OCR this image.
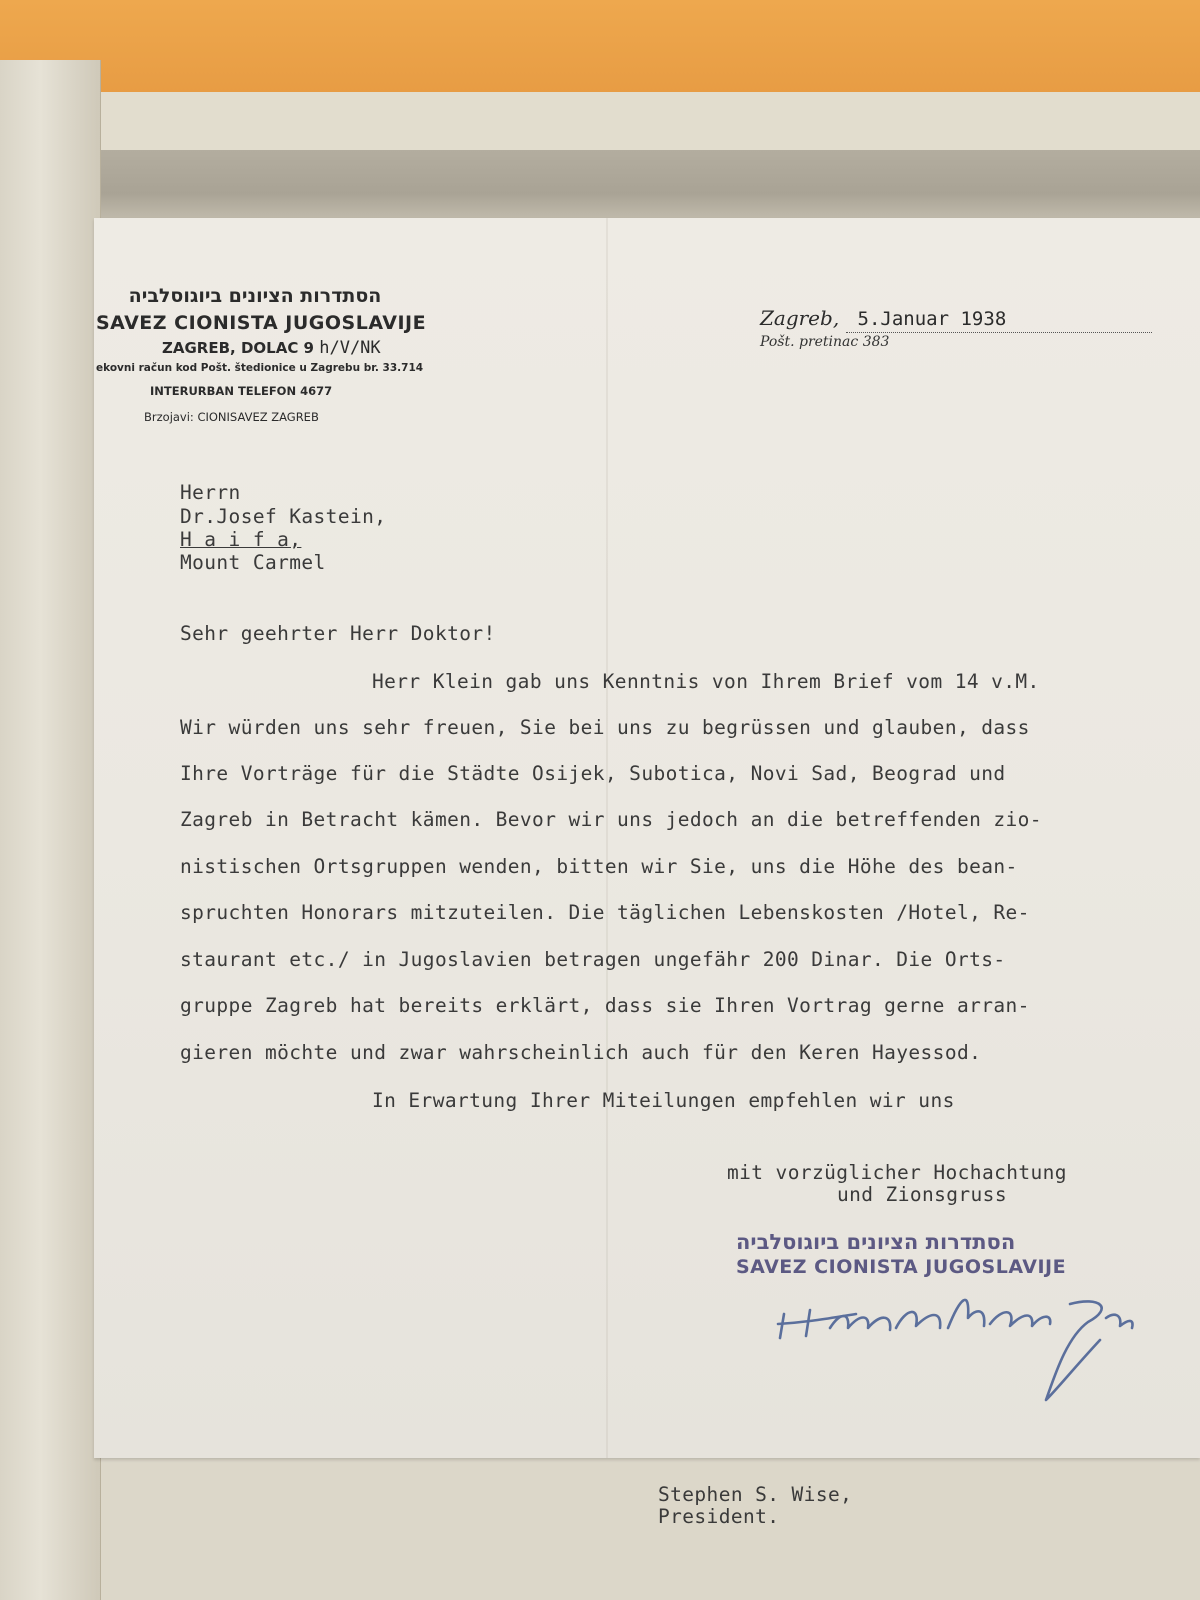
הסתדרות הציונים ביוגוסלביה
SAVEZ CIONISTA JUGOSLAVIJE
ZAGREB, DOLAC 9 h/V/NK
ekovni račun kod Pošt. štedionice u Zagrebu br. 33.714
INTERURBAN TELEFON 4677
Brzojavi: CIONISAVEZ ZAGREB
Zagreb, 5.Januar 1938
Pošt. pretinac 383
Herrn
Dr.Josef Kastein,
H a i f a,
Mount Carmel
Sehr geehrter Herr Doktor!
Herr Klein gab uns Kenntnis von Ihrem Brief vom 14 v.M.
Wir würden uns sehr freuen, Sie bei uns zu begrüssen und glauben, dass
Ihre Vorträge für die Städte Osijek, Subotica, Novi Sad, Beograd und
Zagreb in Betracht kämen. Bevor wir uns jedoch an die betreffenden zio-
nistischen Ortsgruppen wenden, bitten wir Sie, uns die Höhe des bean-
spruchten Honorars mitzuteilen. Die täglichen Lebenskosten /Hotel, Re-
staurant etc./ in Jugoslavien betragen ungefähr 200 Dinar. Die Orts-
gruppe Zagreb hat bereits erklärt, dass sie Ihren Vortrag gerne arran-
gieren möchte und zwar wahrscheinlich auch für den Keren Hayessod.
In Erwartung Ihrer Miteilungen empfehlen wir uns
mit vorzüglicher Hochachtung
und Zionsgruss
הסתדרות הציונים ביוגוסלביה
SAVEZ CIONISTA JUGOSLAVIJE
Stephen S. Wise,
President.
